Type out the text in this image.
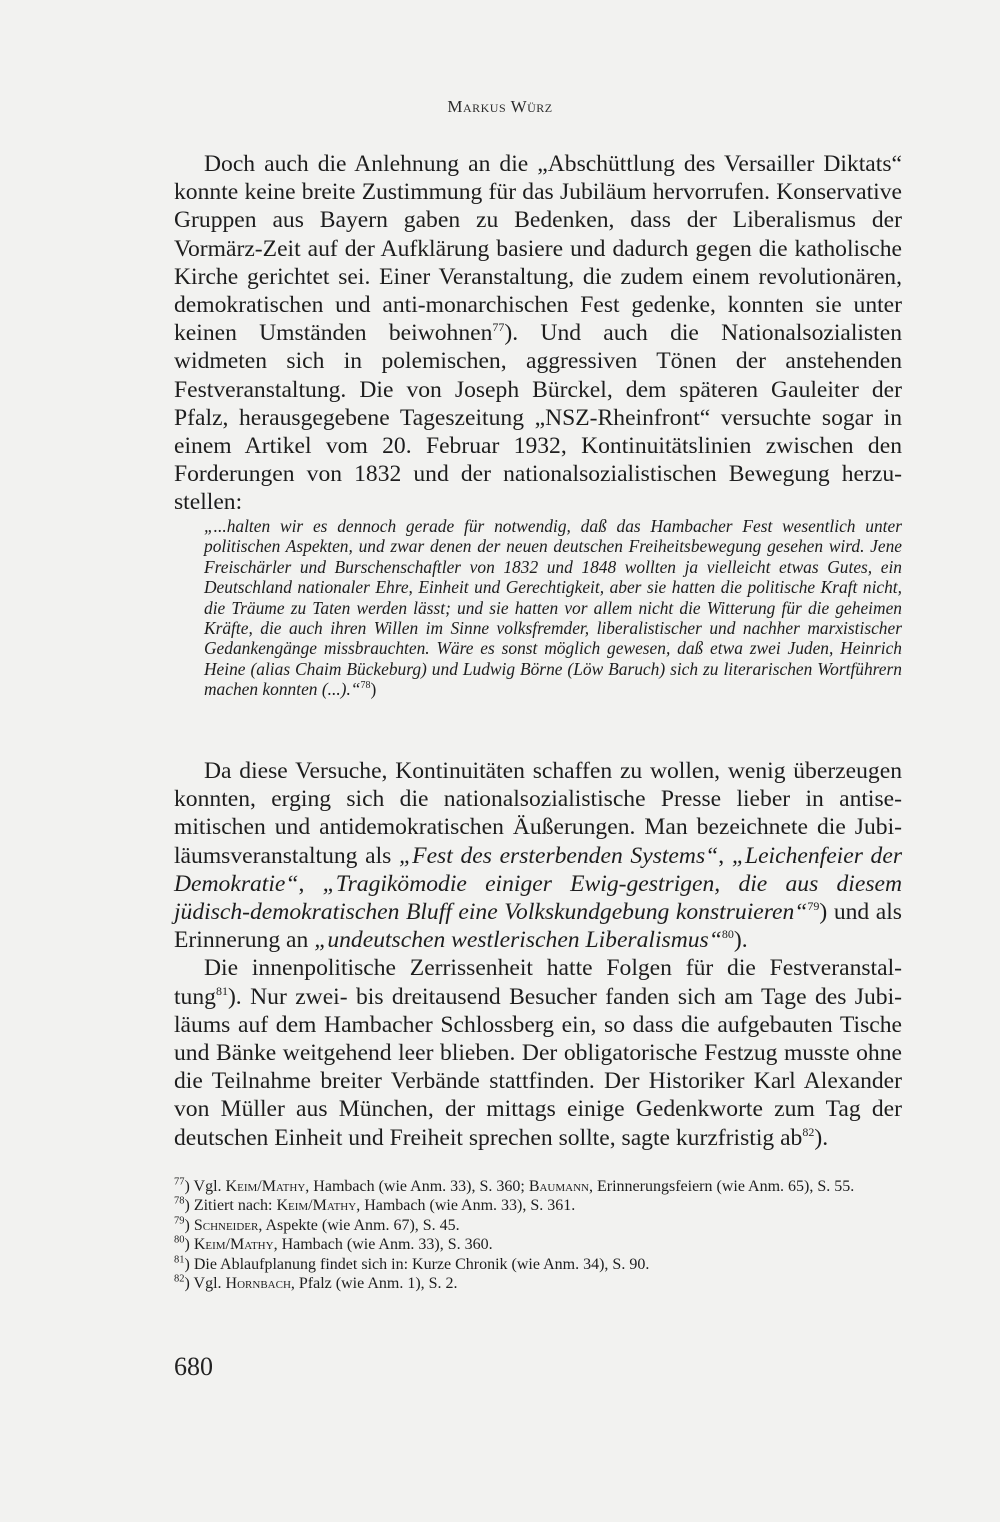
Markus Würz

Doch auch die Anlehnung an die „Abschüttlung des Versailler Diktats“ konnte keine breite Zustimmung für das Jubiläum hervorrufen. Konservative Gruppen aus Bayern gaben zu Bedenken, dass der Liberalismus der Vormärz-Zeit auf der Aufklärung basiere und dadurch gegen die katholische Kirche gerichtet sei. Einer Veranstaltung, die zudem einem revolutionären, demokratischen und anti-monarchischen Fest gedenke, konnten sie unter keinen Umständen beiwohnen$^{77}$). Und auch die Nationalsozialisten widmeten sich in polemischen, aggressiven Tönen der anstehenden Festveranstaltung. Die von Joseph Bürckel, dem späteren Gauleiter der Pfalz, herausgegebene Tageszeitung „NSZ-Rheinfront“ versuchte sogar in einem Artikel vom 20. Februar 1932, Kontinuitätslinien zwischen den Forderungen von 1832 und der nationalsozialistischen Bewegung herzustellen:

„...halten wir es dennoch gerade für notwendig, daß das Hambacher Fest wesentlich unter politischen Aspekten, und zwar denen der neuen deutschen Freiheitsbewegung gesehen wird. Jene Freischärler und Burschenschaftler von 1832 und 1848 wollten ja vielleicht etwas Gutes, ein Deutschland nationaler Ehre, Einheit und Gerechtigkeit, aber sie hatten die politische Kraft nicht, die Träume zu Taten werden lässt; und sie hatten vor allem nicht die Witterung für die geheimen Kräfte, die auch ihren Willen im Sinne volksfremder, liberalistischer und nachher marxistischer Gedankengänge missbrauchten. Wäre es sonst möglich gewesen, daß etwa zwei Juden, Heinrich Heine (alias Chaim Bückeburg) und Ludwig Börne (Löw Baruch) sich zu literarischen Wortführern machen konnten (...).“$^{78}$)

Da diese Versuche, Kontinuitäten schaffen zu wollen, wenig überzeugen konnten, erging sich die nationalsozialistische Presse lieber in antisemitischen und antidemokratischen Äußerungen. Man bezeichnete die Jubiläumsveranstaltung als „Fest des ersterbenden Systems“, „Leichenfeier der Demokratie“, „Tragikömodie einiger Ewig-gestrigen, die aus diesem jüdisch-demokratischen Bluff eine Volkskundgebung konstruieren“$^{79}$) und als Erinnerung an „undeutschen westlerischen Liberalismus“$^{80}$).

Die innenpolitische Zerrissenheit hatte Folgen für die Festveranstaltung$^{81}$). Nur zwei- bis dreitausend Besucher fanden sich am Tage des Jubiläums auf dem Hambacher Schlossberg ein, so dass die aufgebauten Tische und Bänke weitgehend leer blieben. Der obligatorische Festzug musste ohne die Teilnahme breiter Verbände stattfinden. Der Historiker Karl Alexander von Müller aus München, der mittags einige Gedenkworte zum Tag der deutschen Einheit und Freiheit sprechen sollte, sagte kurzfristig $ab^{82}$).

$^{77}$) Vgl. Keim/Mathy, Hambach (wie Anm. 33), S. 360; Baumann, Erinnerungsfeiern (wie Anm. 65), S. 55.
$^{78}$) Zitiert nach: Keim/Mathy, Hambach (wie Anm. 33), S. 361.
$^{79}$) Schneider, Aspekte (wie Anm. 67), S. 45.
$^{80}$) Keim/Mathy, Hambach (wie Anm. 33), S. 360.
$^{81}$) Die Ablaufplanung findet sich in: Kurze Chronik (wie Anm. 34), S. 90.
$^{82}$) Vgl. Hornbach, Pfalz (wie Anm. 1), S. 2.
680
